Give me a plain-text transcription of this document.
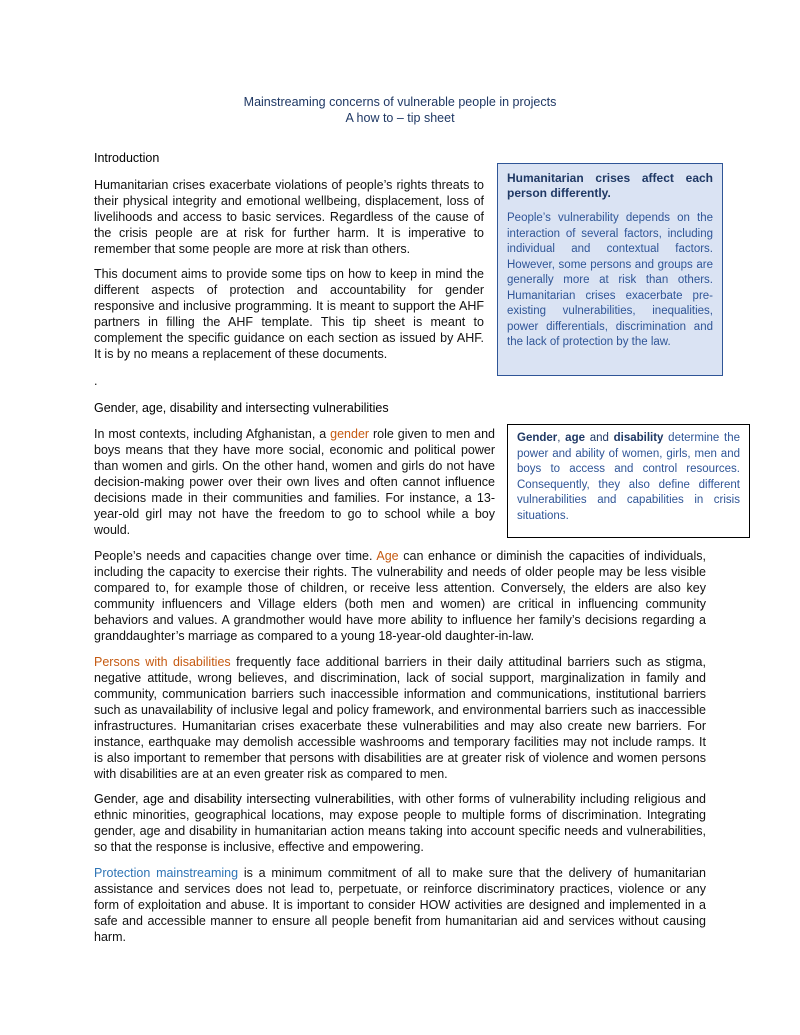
Mainstreaming concerns of vulnerable people in projects
A how to – tip sheet
Introduction

Humanitarian crises exacerbate violations of people’s rights threats to their physical integrity and emotional wellbeing, displacement, loss of livelihoods and access to basic services. Regardless of the cause of the crisis people are at risk for further harm. It is imperative to remember that some people are more at risk than others.

This document aims to provide some tips on how to keep in mind the different aspects of protection and accountability for gender responsive and inclusive programming. It is meant to support the AHF partners in filling the AHF template. This tip sheet is meant to complement the specific guidance on each section as issued by AHF. It is by no means a replacement of these documents.

.

Humanitarian crises affect each person differently.

People’s vulnerability depends on the interaction of several factors, including individual and contextual factors. However, some persons and groups are generally more at risk than others. Humanitarian crises exacerbate pre-existing vulnerabilities, inequalities, power differentials, discrimination and the lack of protection by the law.

Gender, age, disability and intersecting vulnerabilities

In most contexts, including Afghanistan, a gender role given to men and boys means that they have more social, economic and political power than women and girls. On the other hand, women and girls do not have decision-making power over their own lives and often cannot influence decisions made in their communities and families. For instance, a 13-year-old girl may not have the freedom to go to school while a boy would.

Gender, age and disability determine the power and ability of women, girls, men and boys to access and control resources. Consequently, they also define different vulnerabilities and capabilities in crisis situations.

People’s needs and capacities change over time. Age can enhance or diminish the capacities of individuals, including the capacity to exercise their rights. The vulnerability and needs of older people may be less visible compared to, for example those of children, or receive less attention. Conversely, the elders are also key community influencers and Village elders (both men and women) are critical in influencing community behaviors and values. A grandmother would have more ability to influence her family’s decisions regarding a granddaughter’s marriage as compared to a young 18-year-old daughter-in-law.

Persons with disabilities frequently face additional barriers in their daily attitudinal barriers such as stigma, negative attitude, wrong believes, and discrimination, lack of social support, marginalization in family and community, communication barriers such inaccessible information and communications, institutional barriers such as unavailability of inclusive legal and policy framework, and environmental barriers such as inaccessible infrastructures. Humanitarian crises exacerbate these vulnerabilities and may also create new barriers. For instance, earthquake may demolish accessible washrooms and temporary facilities may not include ramps. It is also important to remember that persons with disabilities are at greater risk of violence and women persons with disabilities are at an even greater risk as compared to men.

Gender, age and disability intersecting vulnerabilities, with other forms of vulnerability including religious and ethnic minorities, geographical locations, may expose people to multiple forms of discrimination. Integrating gender, age and disability in humanitarian action means taking into account specific needs and vulnerabilities, so that the response is inclusive, effective and empowering.

Protection mainstreaming is a minimum commitment of all to make sure that the delivery of humanitarian assistance and services does not lead to, perpetuate, or reinforce discriminatory practices, violence or any form of exploitation and abuse. It is important to consider HOW activities are designed and implemented in a safe and accessible manner to ensure all people benefit from humanitarian aid and services without causing harm.
